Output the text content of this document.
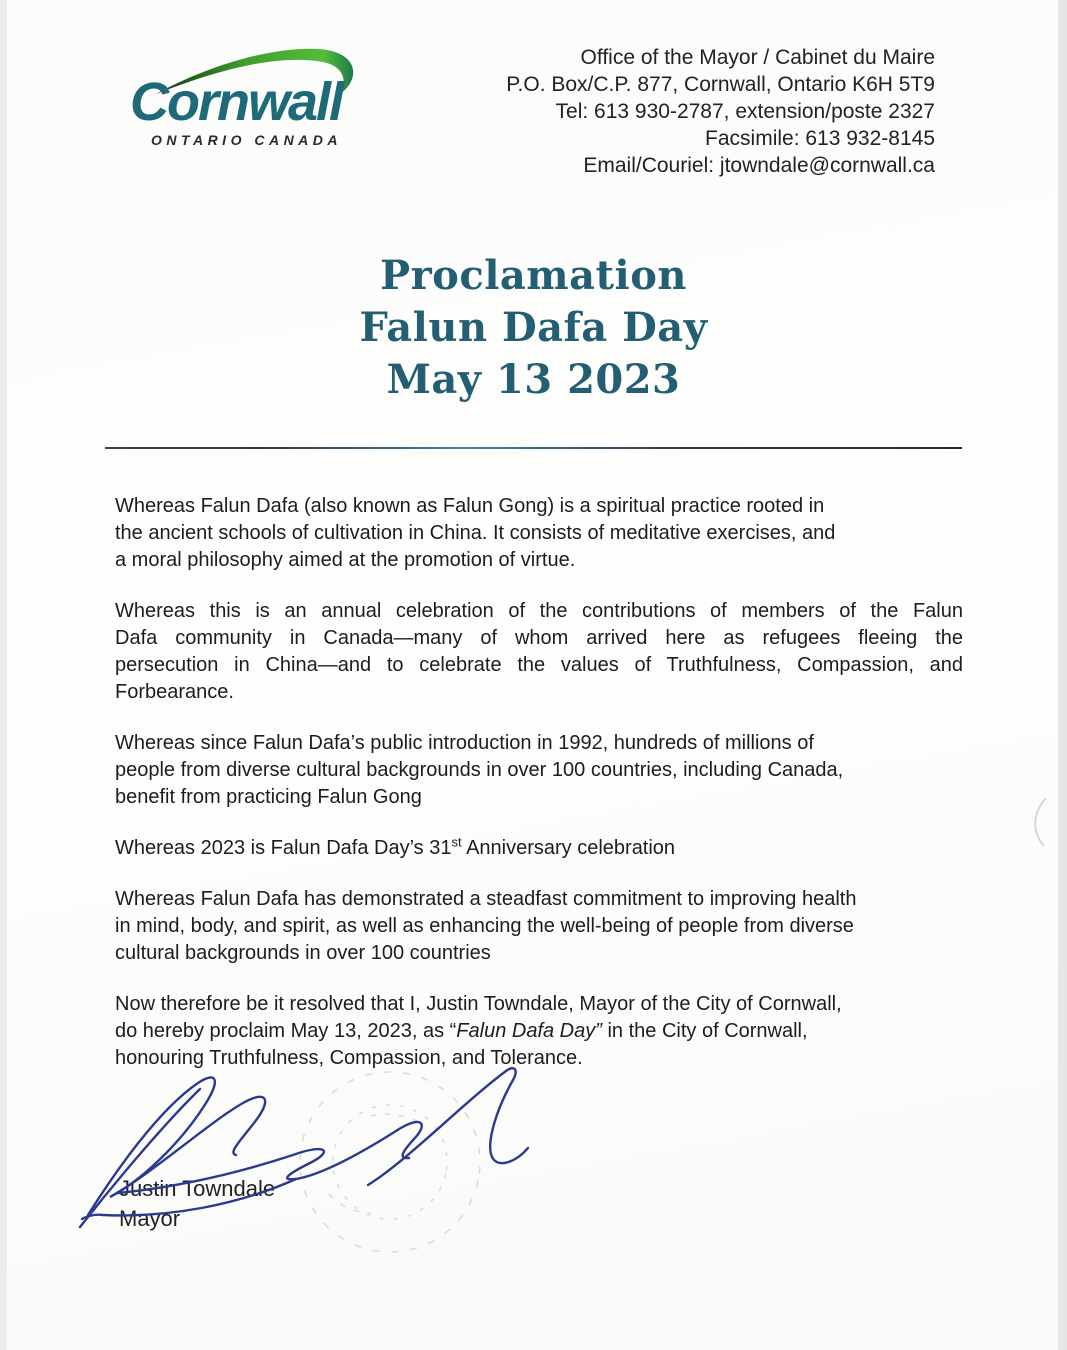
Cornwall
ONTARIO CANADA
Office of the Mayor / Cabinet du Maire
P.O. Box/C.P. 877, Cornwall, Ontario K6H 5T9
Tel: 613 930-2787, extension/poste 2327
Facsimile: 613 932-8145
Email/Couriel: jtowndale@cornwall.ca
Proclamation
Falun Dafa Day
May 13 2023
Whereas Falun Dafa (also known as Falun Gong) is a spiritual practice rooted in
the ancient schools of cultivation in China. It consists of meditative exercises, and
a moral philosophy aimed at the promotion of virtue.
Whereas this is an annual celebration of the contributions of members of the Falun
Dafa community in Canada—many of whom arrived here as refugees fleeing the
persecution in China—and to celebrate the values of Truthfulness, Compassion, and
Forbearance.
Whereas since Falun Dafa’s public introduction in 1992, hundreds of millions of
people from diverse cultural backgrounds in over 100 countries, including Canada,
benefit from practicing Falun Gong
Whereas 2023 is Falun Dafa Day’s 31st Anniversary celebration
Whereas Falun Dafa has demonstrated a steadfast commitment to improving health
in mind, body, and spirit, as well as enhancing the well-being of people from diverse
cultural backgrounds in over 100 countries
Now therefore be it resolved that I, Justin Towndale, Mayor of the City of Cornwall,
do hereby proclaim May 13, 2023, as “Falun Dafa Day” in the City of Cornwall,
honouring Truthfulness, Compassion, and Tolerance.
Justin Towndale
Mayor
